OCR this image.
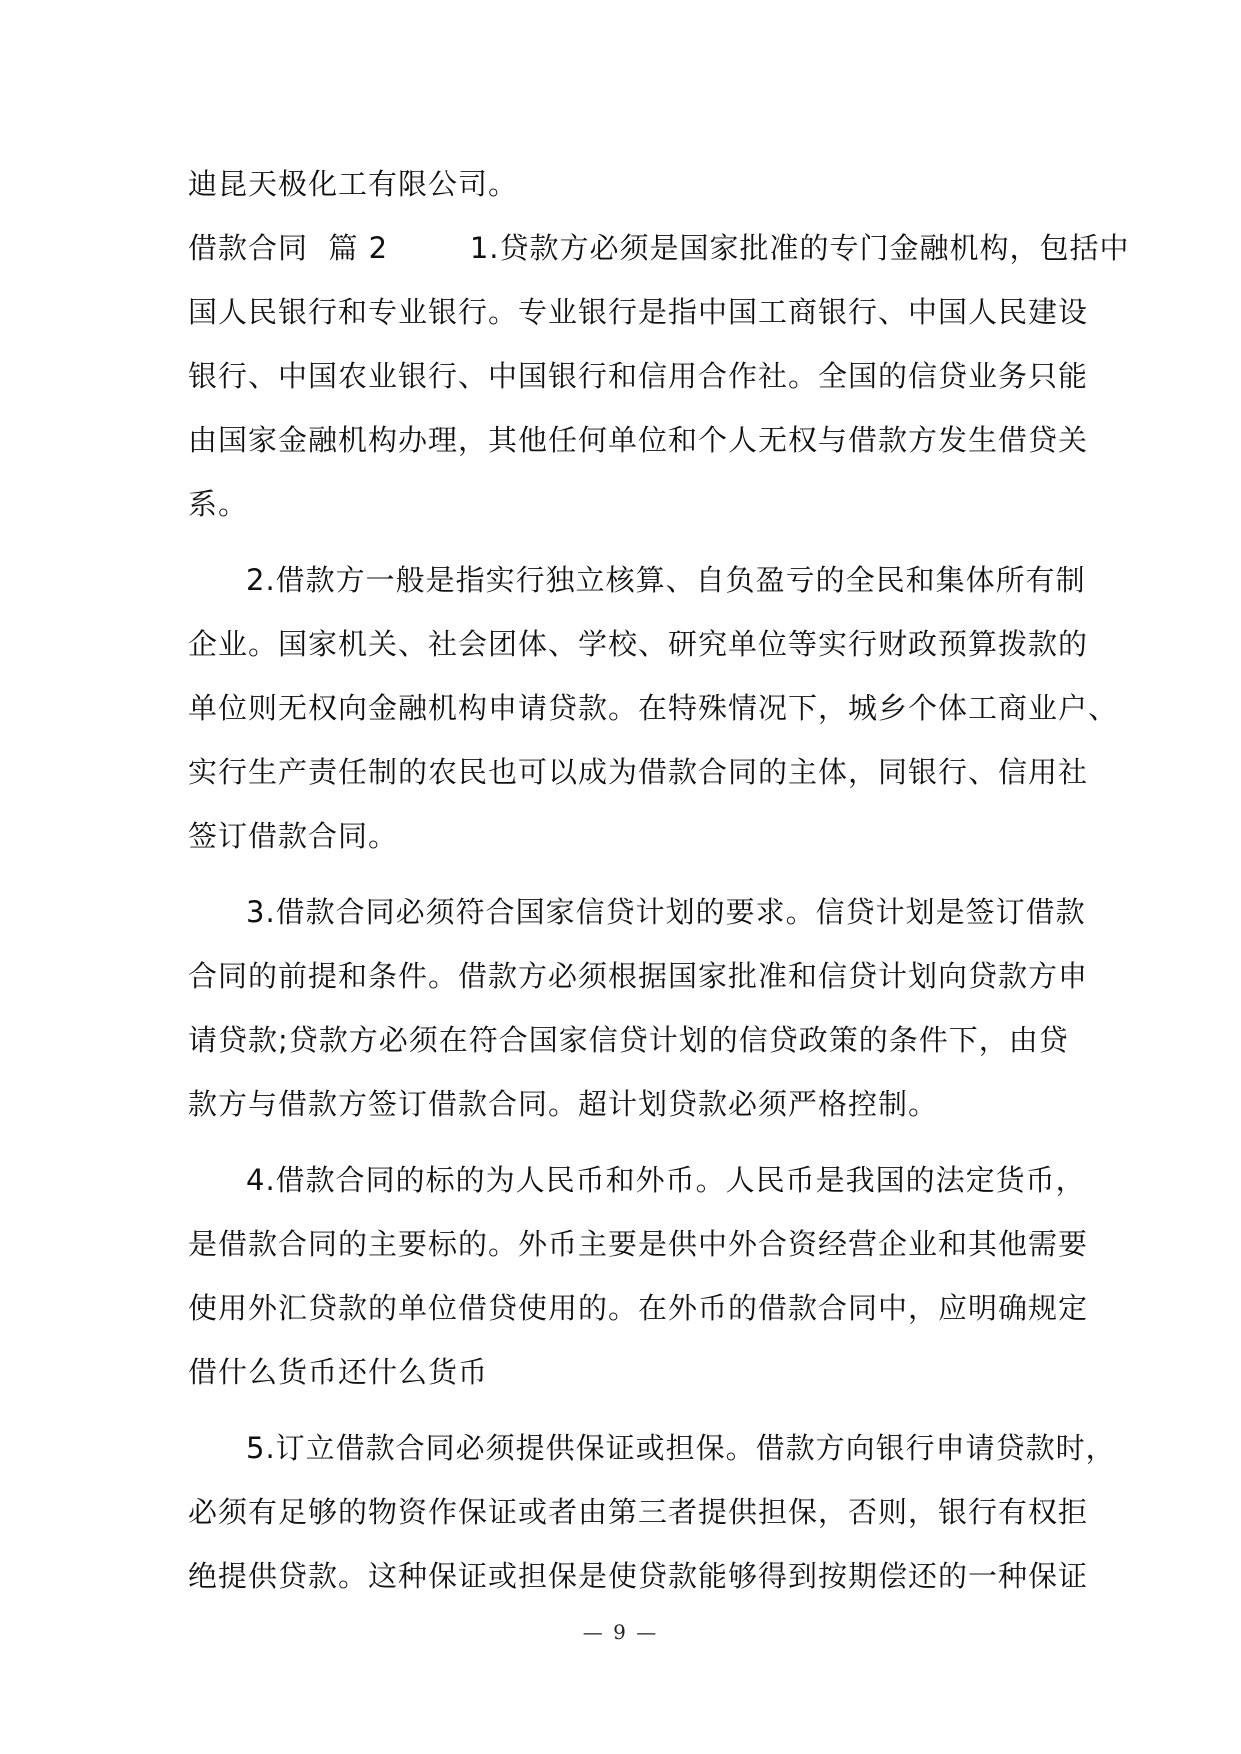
迪昆天极化工有限公司。
借款合同  篇 2        1.贷款方必须是国家批准的专门金融机构，包括中
国人民银行和专业银行。专业银行是指中国工商银行、中国人民建设
银行、中国农业银行、中国银行和信用合作社。全国的信贷业务只能
由国家金融机构办理，其他任何单位和个人无权与借款方发生借贷关
系。
2.借款方一般是指实行独立核算、自负盈亏的全民和集体所有制
企业。国家机关、社会团体、学校、研究单位等实行财政预算拨款的
单位则无权向金融机构申请贷款。在特殊情况下，城乡个体工商业户、
实行生产责任制的农民也可以成为借款合同的主体，同银行、信用社
签订借款合同。
3.借款合同必须符合国家信贷计划的要求。信贷计划是签订借款
合同的前提和条件。借款方必须根据国家批准和信贷计划向贷款方申
请贷款;贷款方必须在符合国家信贷计划的信贷政策的条件下，由贷
款方与借款方签订借款合同。超计划贷款必须严格控制。
4.借款合同的标的为人民币和外币。人民币是我国的法定货币，
是借款合同的主要标的。外币主要是供中外合资经营企业和其他需要
使用外汇贷款的单位借贷使用的。在外币的借款合同中，应明确规定
借什么货币还什么货币
5.订立借款合同必须提供保证或担保。借款方向银行申请贷款时，
必须有足够的物资作保证或者由第三者提供担保，否则，银行有权拒
绝提供贷款。这种保证或担保是使贷款能够得到按期偿还的一种保证
— 9 —
